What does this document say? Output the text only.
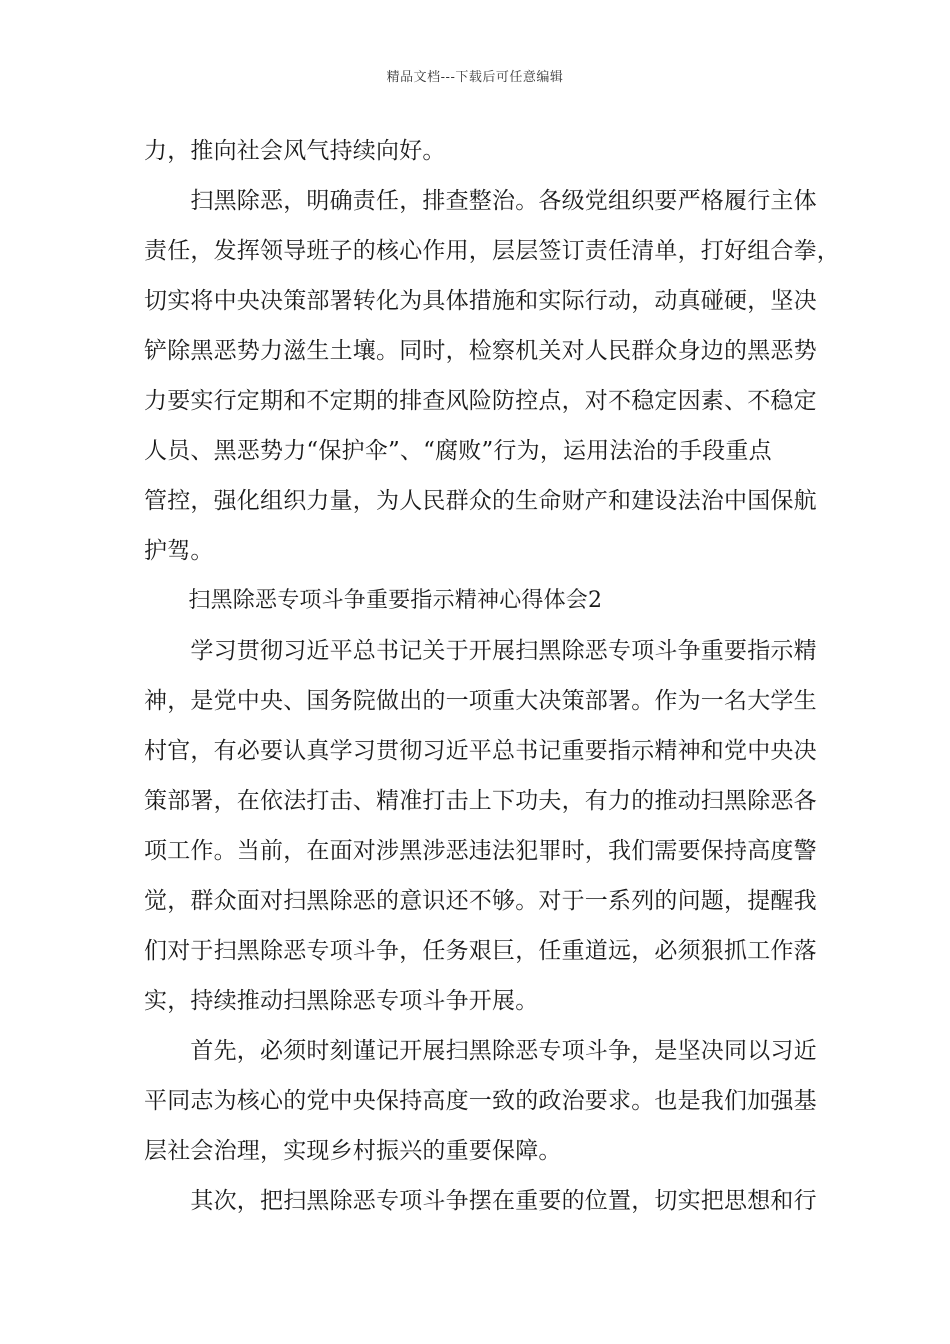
精品文档---下载后可任意编辑
力，推向社会风气持续向好。
　　扫黑除恶，明确责任，排查整治。各级党组织要严格履行主体
责任，发挥领导班子的核心作用，层层签订责任清单，打好组合拳，
切实将中央决策部署转化为具体措施和实际行动，动真碰硬，坚决
铲除黑恶势力滋生土壤。同时，检察机关对人民群众身边的黑恶势
力要实行定期和不定期的排查风险防控点，对不稳定因素、不稳定
人员、黑恶势力“保护伞”、“腐败”行为，运用法治的手段重点
管控，强化组织力量，为人民群众的生命财产和建设法治中国保航
护驾。
　　扫黑除恶专项斗争重要指示精神心得体会2
　　学习贯彻习近平总书记关于开展扫黑除恶专项斗争重要指示精
神，是党中央、国务院做出的一项重大决策部署。作为一名大学生
村官，有必要认真学习贯彻习近平总书记重要指示精神和党中央决
策部署，在依法打击、精准打击上下功夫，有力的推动扫黑除恶各
项工作。当前，在面对涉黑涉恶违法犯罪时，我们需要保持高度警
觉，群众面对扫黑除恶的意识还不够。对于一系列的问题，提醒我
们对于扫黑除恶专项斗争，任务艰巨，任重道远，必须狠抓工作落
实，持续推动扫黑除恶专项斗争开展。
　　首先，必须时刻谨记开展扫黑除恶专项斗争，是坚决同以习近
平同志为核心的党中央保持高度一致的政治要求。也是我们加强基
层社会治理，实现乡村振兴的重要保障。
　　其次，把扫黑除恶专项斗争摆在重要的位置，切实把思想和行
